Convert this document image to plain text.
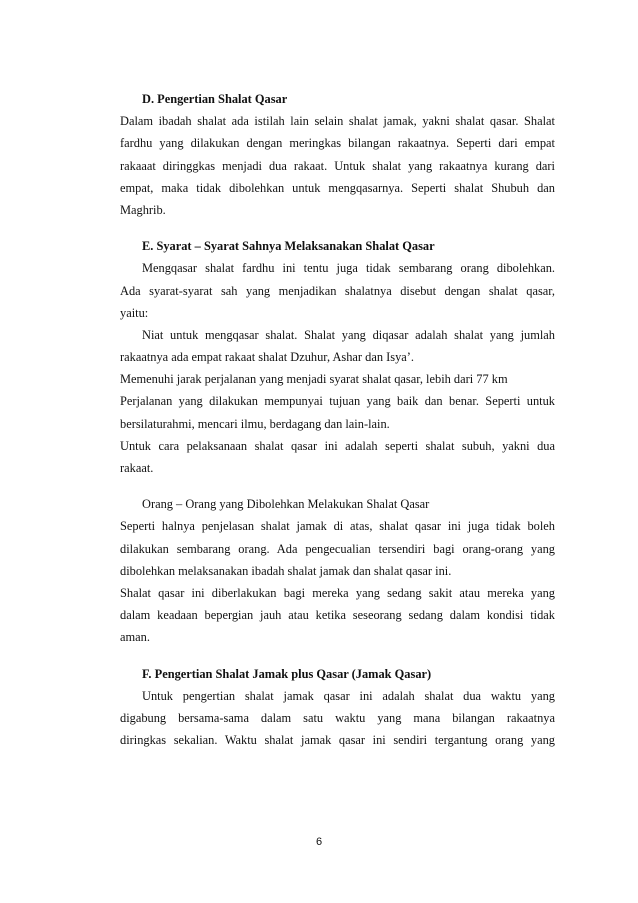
D. Pengertian Shalat Qasar
Dalam ibadah shalat ada istilah lain selain shalat jamak, yakni shalat qasar. Shalat
fardhu yang dilakukan dengan meringkas bilangan rakaatnya. Seperti dari empat
rakaaat diringgkas menjadi dua rakaat. Untuk shalat yang rakaatnya kurang dari
empat, maka tidak dibolehkan untuk mengqasarnya. Seperti shalat Shubuh dan
Maghrib.
E. Syarat – Syarat Sahnya Melaksanakan Shalat Qasar
Mengqasar shalat fardhu ini tentu juga tidak sembarang orang dibolehkan.
Ada syarat-syarat sah yang menjadikan shalatnya disebut dengan shalat qasar,
yaitu:
Niat untuk mengqasar shalat. Shalat yang diqasar adalah shalat yang jumlah
rakaatnya ada empat rakaat shalat Dzuhur, Ashar dan Isya’.
Memenuhi jarak perjalanan yang menjadi syarat shalat qasar, lebih dari 77 km
Perjalanan yang dilakukan mempunyai tujuan yang baik dan benar. Seperti untuk
bersilaturahmi, mencari ilmu, berdagang dan lain-lain.
Untuk cara pelaksanaan shalat qasar ini adalah seperti shalat subuh, yakni dua
rakaat.
Orang – Orang yang Dibolehkan Melakukan Shalat Qasar
Seperti halnya penjelasan shalat jamak di atas, shalat qasar ini juga tidak boleh
dilakukan sembarang orang. Ada pengecualian tersendiri bagi orang-orang yang
dibolehkan melaksanakan ibadah shalat jamak dan shalat qasar ini.
Shalat qasar ini diberlakukan bagi mereka yang sedang sakit atau mereka yang
dalam keadaan bepergian jauh atau ketika seseorang sedang dalam kondisi tidak
aman.
F. Pengertian Shalat Jamak plus Qasar (Jamak Qasar)
Untuk pengertian shalat jamak qasar ini adalah shalat dua waktu yang
digabung bersama-sama dalam satu waktu yang mana bilangan rakaatnya
diringkas sekalian. Waktu shalat jamak qasar ini sendiri tergantung orang yang
6
